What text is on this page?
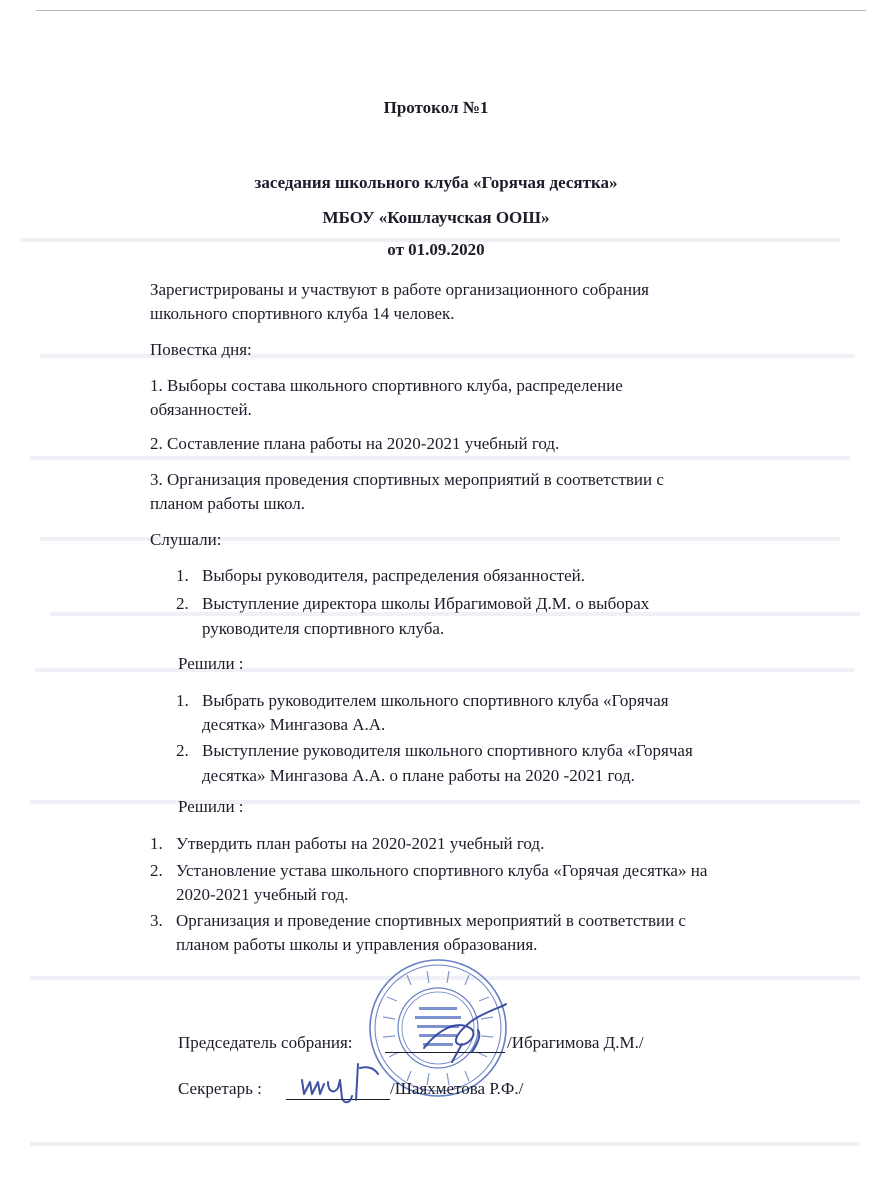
Протокол №1
заседания школьного клуба «Горячая десятка»
МБОУ «Кошлаучская ООШ»
от 01.09.2020
Зарегистрированы и участвуют в работе организационного собрания
школьного спортивного клуба 14 человек.
Повестка дня:
1. Выборы состава школьного спортивного клуба, распределение
обязанностей.
2. Составление плана работы на 2020-2021 учебный год.
3. Организация проведения спортивных мероприятий в соответствии с
планом работы школ.
Слушали:
1. Выборы руководителя, распределения обязанностей.
2. Выступление директора школы Ибрагимовой Д.М. о выборах
руководителя спортивного клуба.
Решили :
1. Выбрать руководителем школьного спортивного клуба «Горячая
десятка» Мингазова А.А.
2. Выступление руководителя школьного спортивного клуба «Горячая
десятка» Мингазова А.А. о плане работы на 2020 -2021 год.
Решили :
1. Утвердить план работы на 2020-2021 учебный год.
2. Установление устава школьного спортивного клуба «Горячая десятка» на
2020-2021 учебный год.
3. Организация и проведение спортивных мероприятий в соответствии с
планом работы школы и управления образования.
Председатель собрания:	/Ибрагимова Д.М./
Секретарь :	/Шаяхметова Р.Ф./
